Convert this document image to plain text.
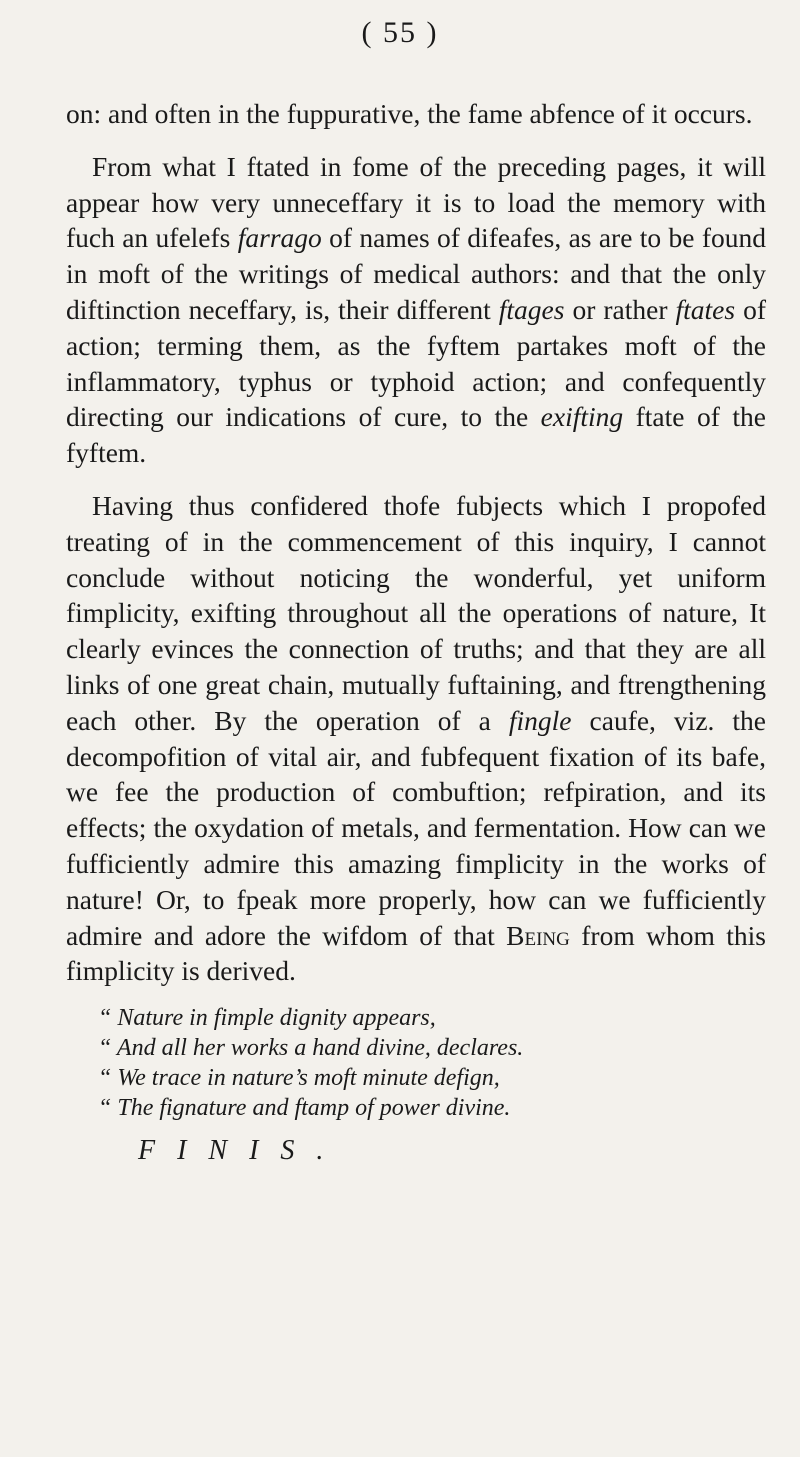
( 55 )

on: and often in the fuppurative, the fame abfence of it occurs.

From what I ftated in fome of the preceding pages, it will appear how very unneceffary it is to load the memory with fuch an ufelefs farrago of names of difeafes, as are to be found in moft of the writings of medical authors: and that the only diftinction neceffary, is, their different ftages or rather ftates of action; terming them, as the fyftem partakes moft of the inflammatory, typhus or typhoid action; and confequently directing our indications of cure, to the exifting ftate of the fyftem.

Having thus confidered thofe fubjects which I propofed treating of in the commencement of this inquiry, I cannot conclude without noticing the wonderful, yet uniform fimplicity, exifting throughout all the operations of nature, It clearly evinces the connection of truths; and that they are all links of one great chain, mutually fuftaining, and ftrengthening each other. By the operation of a fingle caufe, viz. the decompofition of vital air, and fubfequent fixation of its bafe, we fee the production of combuftion; refpiration, and its effects; the oxydation of metals, and fermentation. How can we fufficiently admire this amazing fimplicity in the works of nature! Or, to fpeak more properly, how can we fufficiently admire and adore the wifdom of that Being from whom this fimplicity is derived.

“ Nature in fimple dignity appears,
“ And all her works a hand divine, declares.
“ We trace in nature’s moft minute defign,
“ The fignature and ftamp of power divine.
FINIS.
